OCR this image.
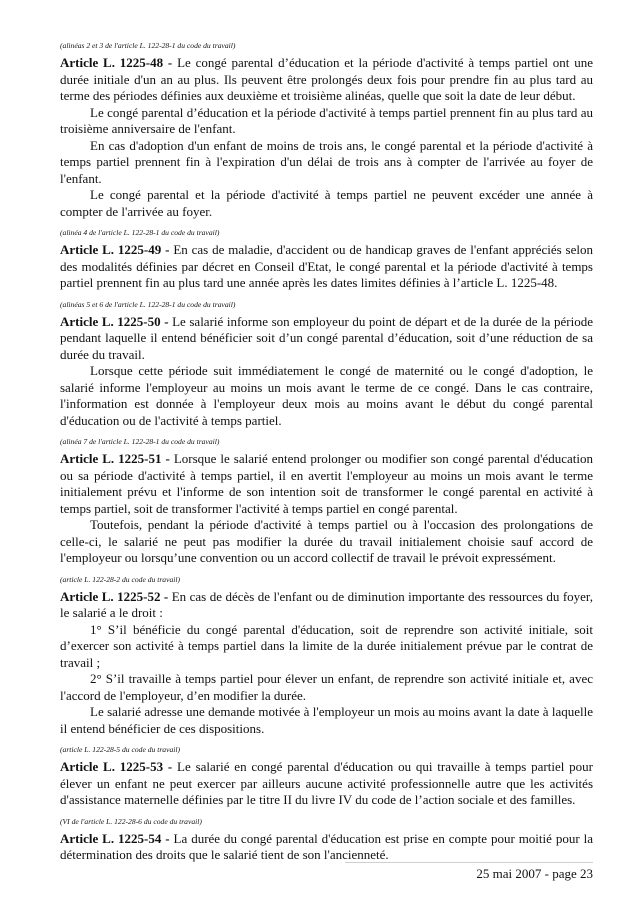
(alinéas 2 et 3 de l'article L. 122-28-1 du code du travail)

Article L. 1225-48 - Le congé parental d’éducation et la période d'activité à temps partiel ont une durée initiale d'un an au plus. Ils peuvent être prolongés deux fois pour prendre fin au plus tard au terme des périodes définies aux deuxième et troisième alinéas, quelle que soit la date de leur début.

Le congé parental d’éducation et la période d'activité à temps partiel prennent fin au plus tard au troisième anniversaire de l'enfant.

En cas d'adoption d'un enfant de moins de trois ans, le congé parental et la période d'activité à temps partiel prennent fin à l'expiration d'un délai de trois ans à compter de l'arrivée au foyer de l'enfant.

Le congé parental et la période d'activité à temps partiel ne peuvent excéder une année à compter de l'arrivée au foyer.

(alinéa 4 de l'article L. 122-28-1 du code du travail)

Article L. 1225-49 - En cas de maladie, d'accident ou de handicap graves de l'enfant appréciés selon des modalités définies par décret en Conseil d'Etat, le congé parental et la période d'activité à temps partiel prennent fin au plus tard une année après les dates limites définies à l’article L. 1225-48.

(alinéas 5 et 6 de l'article L. 122-28-1 du code du travail)

Article L. 1225-50 - Le salarié informe son employeur du point de départ et de la durée de la période pendant laquelle il entend bénéficier soit d’un congé parental d’éducation, soit d’une réduction de sa durée du travail.

Lorsque cette période suit immédiatement le congé de maternité ou le congé d'adoption, le salarié informe l'employeur au moins un mois avant le terme de ce congé. Dans le cas contraire, l'information est donnée à l'employeur deux mois au moins avant le début du congé parental d'éducation ou de l'activité à temps partiel.

(alinéa 7 de l'article L. 122-28-1 du code du travail)

Article L. 1225-51 - Lorsque le salarié entend prolonger ou modifier son congé parental d'éducation ou sa période d'activité à temps partiel, il en avertit l'employeur au moins un mois avant le terme initialement prévu et l'informe de son intention soit de transformer le congé parental en activité à temps partiel, soit de transformer l'activité à temps partiel en congé parental.

Toutefois, pendant la période d'activité à temps partiel ou à l'occasion des prolongations de celle-ci, le salarié ne peut pas modifier la durée du travail initialement choisie sauf accord de l'employeur ou lorsqu’une convention ou un accord collectif de travail le prévoit expressément.

(article L. 122-28-2 du code du travail)

Article L. 1225-52 - En cas de décès de l'enfant ou de diminution importante des ressources du foyer, le salarié a le droit :

1° S’il bénéficie du congé parental d'éducation, soit de reprendre son activité initiale, soit d’exercer son activité à temps partiel dans la limite de la durée initialement prévue par le contrat de travail ;

2° S’il travaille à temps partiel pour élever un enfant, de reprendre son activité initiale et, avec l'accord de l'employeur, d’en modifier la durée.

Le salarié adresse une demande motivée à l'employeur un mois au moins avant la date à laquelle il entend bénéficier de ces dispositions.

(article L. 122-28-5 du code du travail)

Article L. 1225-53 - Le salarié en congé parental d'éducation ou qui travaille à temps partiel pour élever un enfant ne peut exercer par ailleurs aucune activité professionnelle autre que les activités d'assistance maternelle définies par le titre II du livre IV du code de l’action sociale et des familles.

(VI de l'article L. 122-28-6 du code du travail)

Article L. 1225-54 - La durée du congé parental d'éducation est prise en compte pour moitié pour la détermination des droits que le salarié tient de son l'ancienneté.

25 mai 2007 - page 23
